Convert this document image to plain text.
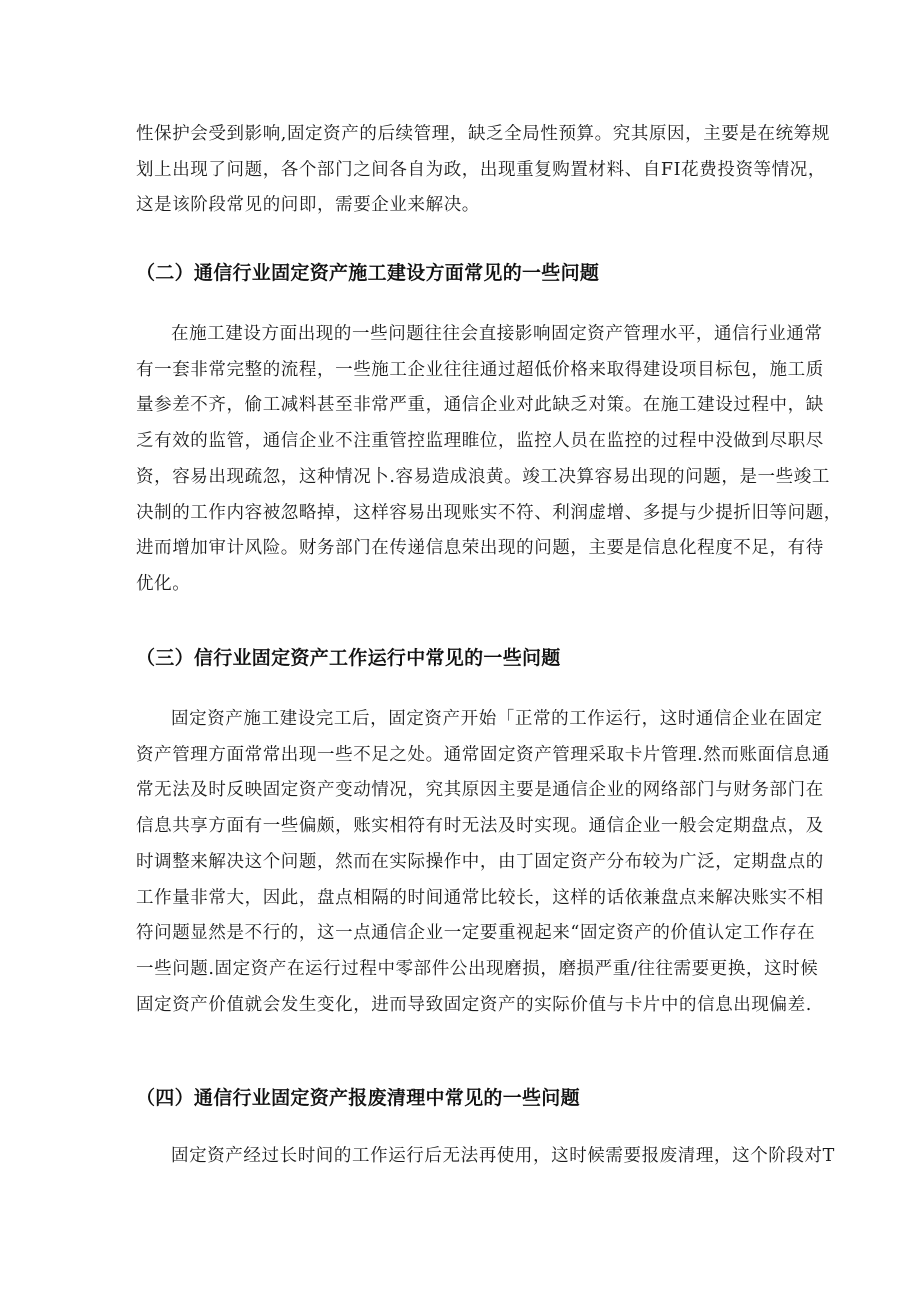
性保护会受到影响,固定资产的后续管理，缺乏全局性预算。究其原因，主要是在统筹规
划上出现了问题，各个部门之间各自为政，出现重复购置材料、自FI花费投资等情况，
这是该阶段常见的问即，需要企业来解决。

（二）通信行业固定资产施工建设方面常见的一些问题

在施工建设方面出现的一些问题往往会直接影响固定资产管理水平，通信行业通常
有一套非常完整的流程，一些施工企业往往通过超低价格来取得建设项目标包，施工质
量参差不齐，偷工减料甚至非常严重，通信企业对此缺乏对策。在施工建设过程中，缺
乏有效的监管，通信企业不注重管控监理睢位，监控人员在监控的过程中没做到尽职尽
资，容易出现疏忽，这种情况卜.容易造成浪黄。竣工决算容易出现的问题，是一些竣工
决制的工作内容被忽略掉，这样容易出现账实不符、利润虚增、多提与少提折旧等问题，
进而增加审计风险。财务部门在传递信息荣出现的问题，主要是信息化程度不足，有待
优化。

（三）信行业固定资产工作运行中常见的一些问题

固定资产施工建设完工后，固定资产开始「正常的工作运行，这时通信企业在固定
资产管理方面常常出现一些不足之处。通常固定资产管理采取卡片管理.然而账面信息通
常无法及时反映固定资产变动情况，究其原因主要是通信企业的网络部门与财务部门在
信息共享方面有一些偏颇，账实相符有时无法及时实现。通信企业一般会定期盘点，及
时调整来解决这个问题，然而在实际操作中，由丁固定资产分布较为广泛，定期盘点的
工作量非常大，因此，盘点相隔的时间通常比较长，这样的话依兼盘点来解决账实不相
符问题显然是不行的，这一点通信企业一定要重视起来“固定资产的价值认定工作存在
一些问题.固定资产在运行过程中零部件公出现磨损，磨损严重/往往需要更换，这时候
固定资产价值就会发生变化，进而导致固定资产的实际价值与卡片中的信息出现偏差.

（四）通信行业固定资产报废清理中常见的一些问题

固定资产经过长时间的工作运行后无法再使用，这时候需要报废清理，这个阶段对T
